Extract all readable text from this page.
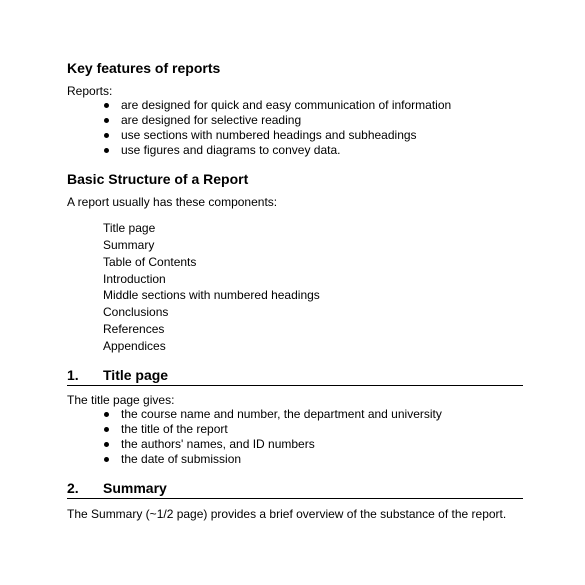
Key features of reports
Reports:
are designed for quick and easy communication of information
are designed for selective reading
use sections with numbered headings and subheadings
use figures and diagrams to convey data.
Basic Structure of a Report
A report usually has these components:
Title page
Summary
Table of Contents
Introduction
Middle sections with numbered headings
Conclusions
References
Appendices
1. Title page
The title page gives:
the course name and number, the department and university
the title of the report
the authors' names, and ID numbers
the date of submission
2. Summary
The Summary (~1/2 page) provides a brief overview of the substance of the report.
